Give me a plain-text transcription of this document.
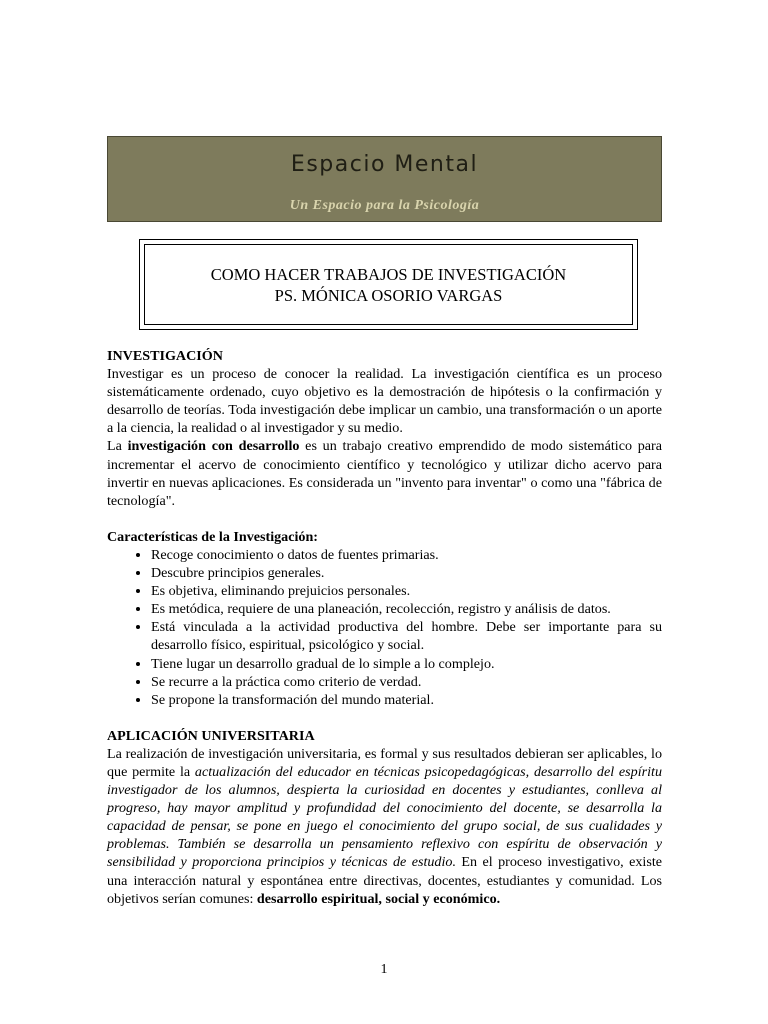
Espacio Mental
Un Espacio para la Psicología
COMO HACER TRABAJOS DE INVESTIGACIÓN
PS. MÓNICA OSORIO VARGAS

INVESTIGACIÓN

Investigar es un proceso de conocer la realidad. La investigación científica es un proceso sistemáticamente ordenado, cuyo objetivo es la demostración de hipótesis o la confirmación y desarrollo de teorías. Toda investigación debe implicar un cambio, una transformación o un aporte a la ciencia, la realidad o al investigador y su medio.

La investigación con desarrollo es un trabajo creativo emprendido de modo sistemático para incrementar el acervo de conocimiento científico y tecnológico y utilizar dicho acervo para invertir en nuevas aplicaciones. Es considerada un "invento para inventar" o como una "fábrica de tecnología".

Características de la Investigación:

• Recoge conocimiento o datos de fuentes primarias.
• Descubre principios generales.
• Es objetiva, eliminando prejuicios personales.
• Es metódica, requiere de una planeación, recolección, registro y análisis de datos.
• Está vinculada a la actividad productiva del hombre. Debe ser importante para su desarrollo físico, espiritual, psicológico y social.
• Tiene lugar un desarrollo gradual de lo simple a lo complejo.
• Se recurre a la práctica como criterio de verdad.
• Se propone la transformación del mundo material.

APLICACIÓN UNIVERSITARIA

La realización de investigación universitaria, es formal y sus resultados debieran ser aplicables, lo que permite la actualización del educador en técnicas psicopedagógicas, desarrollo del espíritu investigador de los alumnos, despierta la curiosidad en docentes y estudiantes, conlleva al progreso, hay mayor amplitud y profundidad del conocimiento del docente, se desarrolla la capacidad de pensar, se pone en juego el conocimiento del grupo social, de sus cualidades y problemas. También se desarrolla un pensamiento reflexivo con espíritu de observación y sensibilidad y proporciona principios y técnicas de estudio. En el proceso investigativo, existe una interacción natural y espontánea entre directivas, docentes, estudiantes y comunidad. Los objetivos serían comunes: desarrollo espiritual, social y económico.

1
